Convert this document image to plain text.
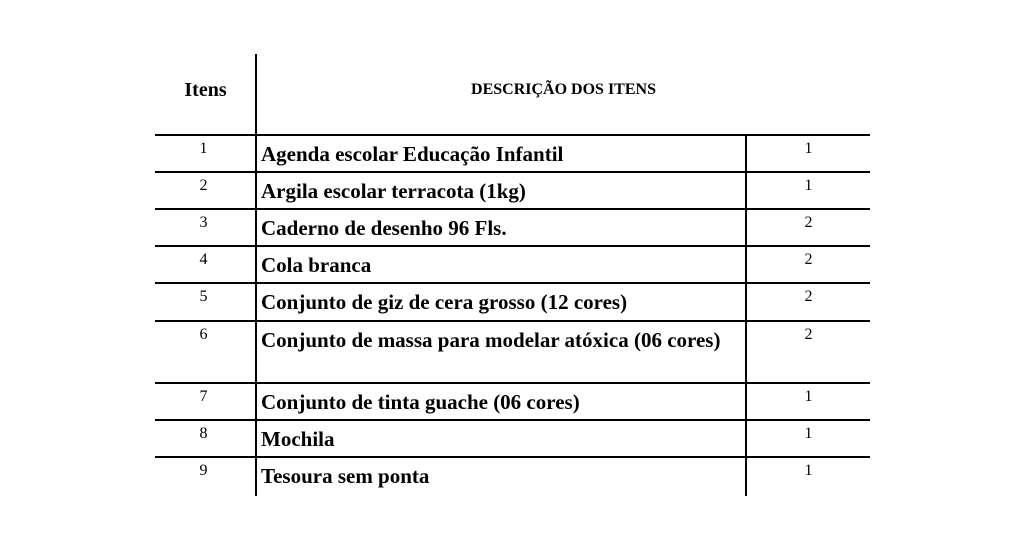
Itens	DESCRIÇÃO DOS ITENS
1	Agenda escolar Educação Infantil	1
2	Argila escolar terracota (1kg)	1
3	Caderno de desenho 96 Fls.	2
4	Cola branca	2
5	Conjunto de giz de cera grosso (12 cores)	2
6	Conjunto de massa para modelar atóxica (06 cores)	2
7	Conjunto de tinta guache (06 cores)	1
8	Mochila	1
9	Tesoura sem ponta	1
